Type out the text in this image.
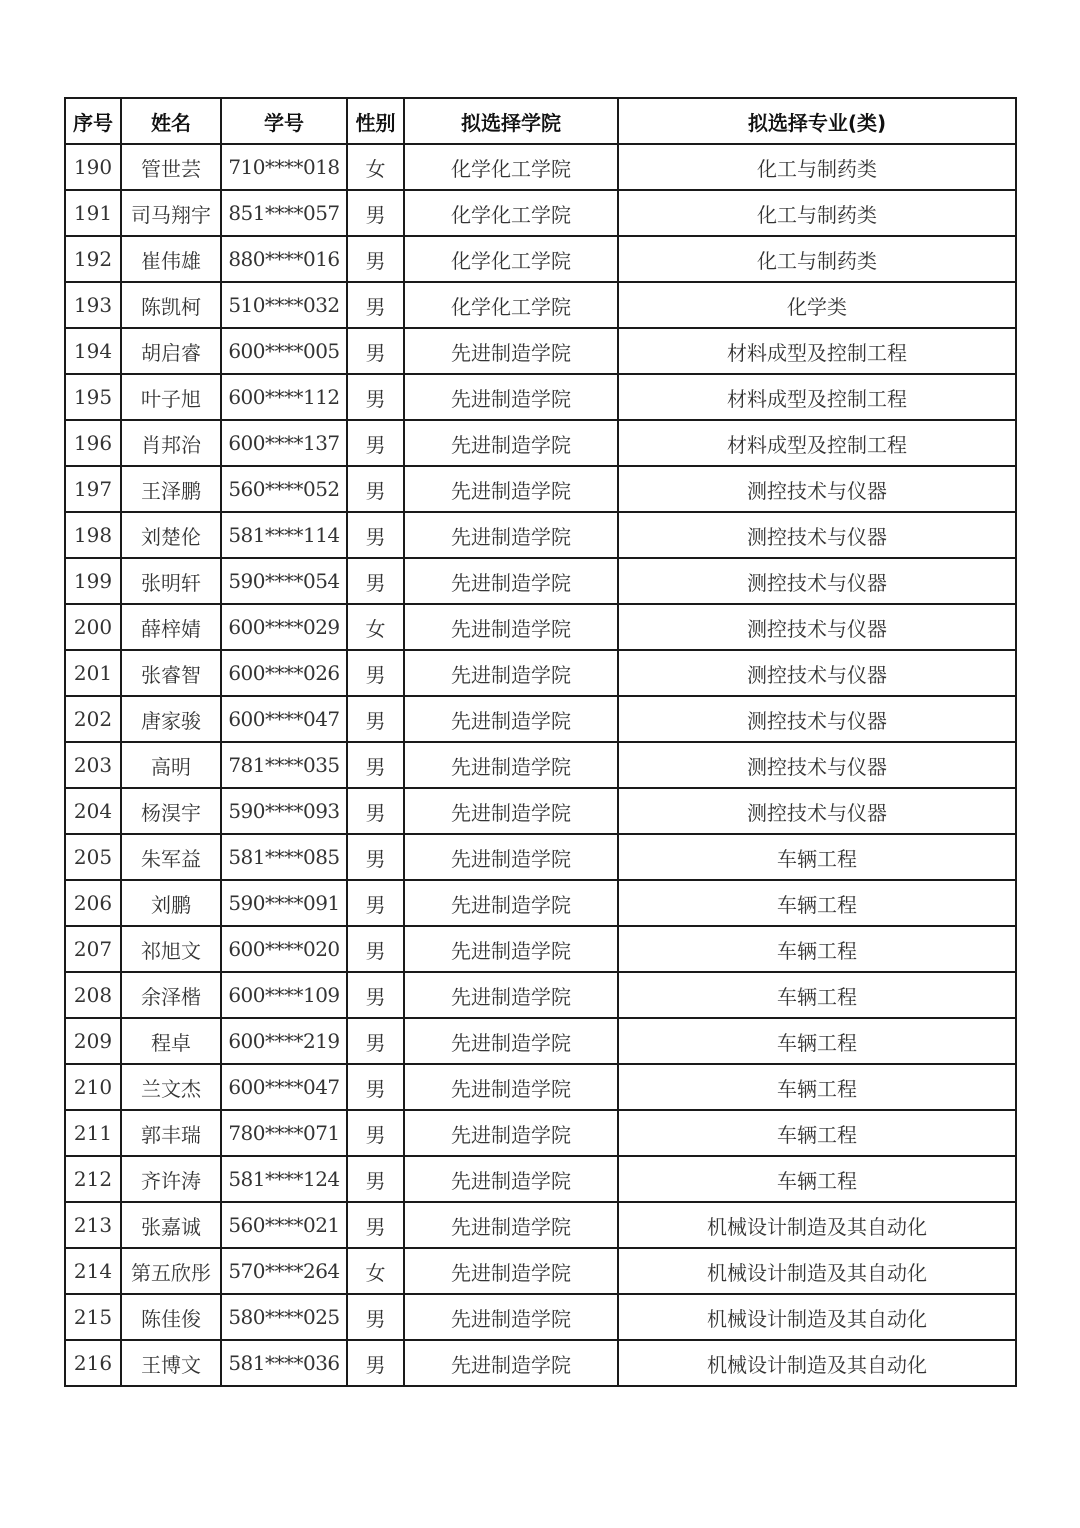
序号	姓名	学号	性别	拟选择学院	拟选择专业(类)
190	管世芸	710****018	女	化学化工学院	化工与制药类
191	司马翔宇	851****057	男	化学化工学院	化工与制药类
192	崔伟雄	880****016	男	化学化工学院	化工与制药类
193	陈凯柯	510****032	男	化学化工学院	化学类
194	胡启睿	600****005	男	先进制造学院	材料成型及控制工程
195	叶子旭	600****112	男	先进制造学院	材料成型及控制工程
196	肖邦治	600****137	男	先进制造学院	材料成型及控制工程
197	王泽鹏	560****052	男	先进制造学院	测控技术与仪器
198	刘楚伦	581****114	男	先进制造学院	测控技术与仪器
199	张明轩	590****054	男	先进制造学院	测控技术与仪器
200	薛梓婧	600****029	女	先进制造学院	测控技术与仪器
201	张睿智	600****026	男	先进制造学院	测控技术与仪器
202	唐家骏	600****047	男	先进制造学院	测控技术与仪器
203	高明	781****035	男	先进制造学院	测控技术与仪器
204	杨淏宇	590****093	男	先进制造学院	测控技术与仪器
205	朱军益	581****085	男	先进制造学院	车辆工程
206	刘鹏	590****091	男	先进制造学院	车辆工程
207	祁旭文	600****020	男	先进制造学院	车辆工程
208	余泽楷	600****109	男	先进制造学院	车辆工程
209	程卓	600****219	男	先进制造学院	车辆工程
210	兰文杰	600****047	男	先进制造学院	车辆工程
211	郭丰瑞	780****071	男	先进制造学院	车辆工程
212	齐许涛	581****124	男	先进制造学院	车辆工程
213	张嘉诚	560****021	男	先进制造学院	机械设计制造及其自动化
214	第五欣彤	570****264	女	先进制造学院	机械设计制造及其自动化
215	陈佳俊	580****025	男	先进制造学院	机械设计制造及其自动化
216	王博文	581****036	男	先进制造学院	机械设计制造及其自动化
